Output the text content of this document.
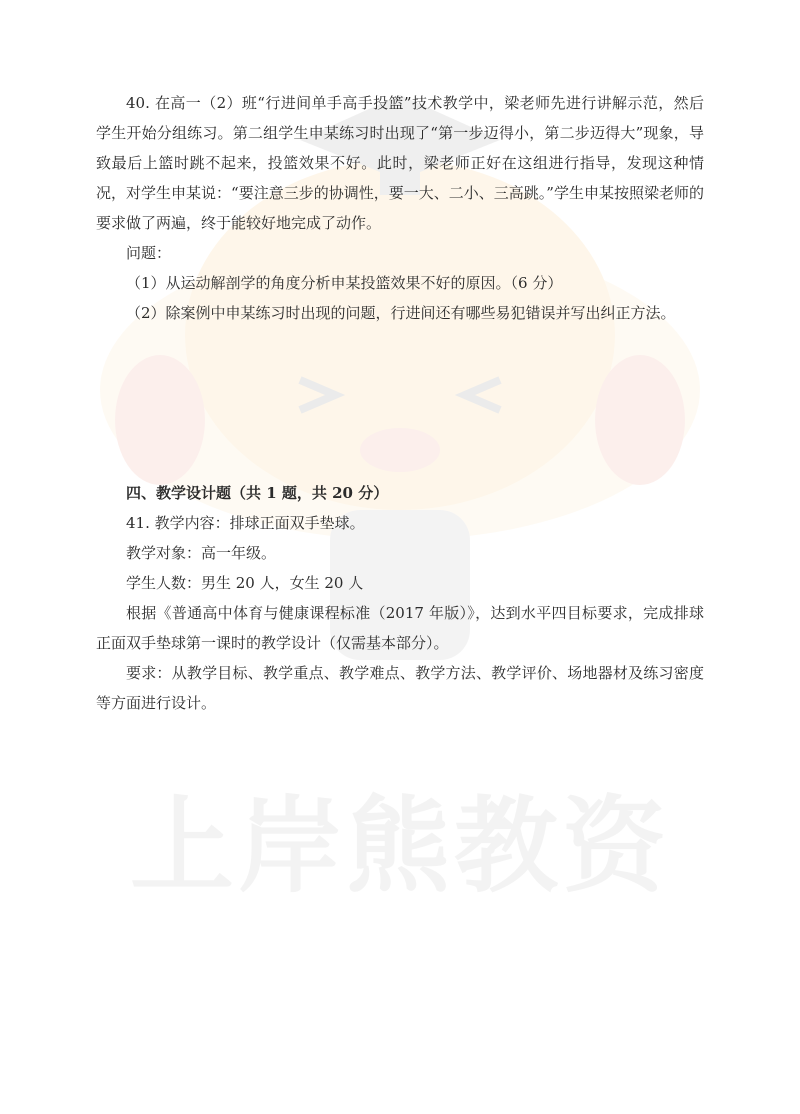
40. 在高一（2）班“行进间单手高手投篮”技术教学中，梁老师先进行讲解示范，然后学生开始分组练习。第二组学生申某练习时出现了“第一步迈得小，第二步迈得大”现象，导致最后上篮时跳不起来，投篮效果不好。此时，梁老师正好在这组进行指导，发现这种情况，对学生申某说：“要注意三步的协调性，要一大、二小、三高跳。”学生申某按照梁老师的要求做了两遍，终于能较好地完成了动作。

问题：

（1）从运动解剖学的角度分析申某投篮效果不好的原因。（6 分）

（2）除案例中申某练习时出现的问题，行进间还有哪些易犯错误并写出纠正方法。

四、教学设计题（共 1 题，共 20 分）

41. 教学内容：排球正面双手垫球。

教学对象：高一年级。

学生人数：男生 20 人，女生 20 人

根据《普通高中体育与健康课程标准（2017 年版）》，达到水平四目标要求，完成排球正面双手垫球第一课时的教学设计（仅需基本部分）。

要求：从教学目标、教学重点、教学难点、教学方法、教学评价、场地器材及练习密度等方面进行设计。
